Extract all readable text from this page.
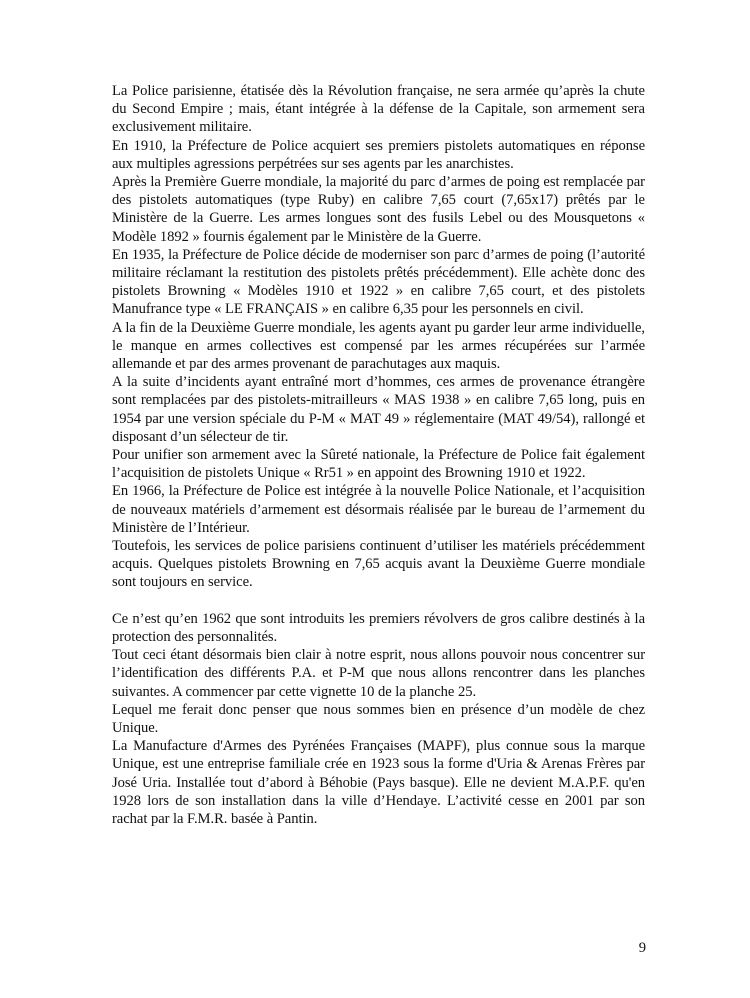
La Police parisienne, étatisée dès la Révolution française, ne sera armée qu’après la chute du Second Empire ; mais, étant intégrée à la défense de la Capitale, son armement sera exclusivement militaire.

En 1910, la Préfecture de Police acquiert ses premiers pistolets automatiques en réponse aux multiples agressions perpétrées sur ses agents par les anarchistes.

Après la Première Guerre mondiale, la majorité du parc d’armes de poing est remplacée par des pistolets automatiques (type Ruby) en calibre 7,65 court (7,65x17) prêtés par le Ministère de la Guerre. Les armes longues sont des fusils Lebel ou des Mousquetons « Modèle 1892 » fournis également par le Ministère de la Guerre.

En 1935, la Préfecture de Police décide de moderniser son parc d’armes de poing (l’autorité militaire réclamant la restitution des pistolets prêtés précédemment). Elle achète donc des pistolets Browning « Modèles 1910 et 1922 » en calibre 7,65 court, et des pistolets Manufrance type « LE FRANÇAIS » en calibre 6,35 pour les personnels en civil.

A la fin de la Deuxième Guerre mondiale, les agents ayant pu garder leur arme individuelle, le manque en armes collectives est compensé par les armes récupérées sur l’armée allemande et par des armes provenant de parachutages aux maquis.

A la suite d’incidents ayant entraîné mort d’hommes, ces armes de provenance étrangère sont remplacées par des pistolets-mitrailleurs « MAS 1938 » en calibre 7,65 long, puis en 1954 par une version spéciale du P-M « MAT 49 » réglementaire (MAT 49/54), rallongé et disposant d’un sélecteur de tir.

Pour unifier son armement avec la Sûreté nationale, la Préfecture de Police fait également l’acquisition de pistolets Unique « Rr51 » en appoint des Browning 1910 et 1922.

En 1966, la Préfecture de Police est intégrée à la nouvelle Police Nationale, et l’acquisition de nouveaux matériels d’armement est désormais réalisée par le bureau de l’armement du Ministère de l’Intérieur.

Toutefois, les services de police parisiens continuent d’utiliser les matériels précédemment acquis. Quelques pistolets Browning en 7,65 acquis avant la Deuxième Guerre mondiale sont toujours en service.

Ce n’est qu’en 1962 que sont introduits les premiers révolvers de gros calibre destinés à la protection des personnalités.

Tout ceci étant désormais bien clair à notre esprit, nous allons pouvoir nous concentrer sur l’identification des différents P.A. et P-M que nous allons rencontrer dans les planches suivantes. A commencer par cette vignette 10 de la planche 25.

Lequel me ferait donc penser que nous sommes bien en présence d’un modèle de chez Unique.

La Manufacture d'Armes des Pyrénées Françaises (MAPF), plus connue sous la marque Unique, est une entreprise familiale crée en 1923 sous la forme d'Uria & Arenas Frères par José Uria. Installée tout d’abord à Béhobie (Pays basque). Elle ne devient M.A.P.F. qu'en 1928 lors de son installation dans la ville d’Hendaye. L’activité cesse en 2001 par son rachat par la F.M.R. basée à Pantin.

9
